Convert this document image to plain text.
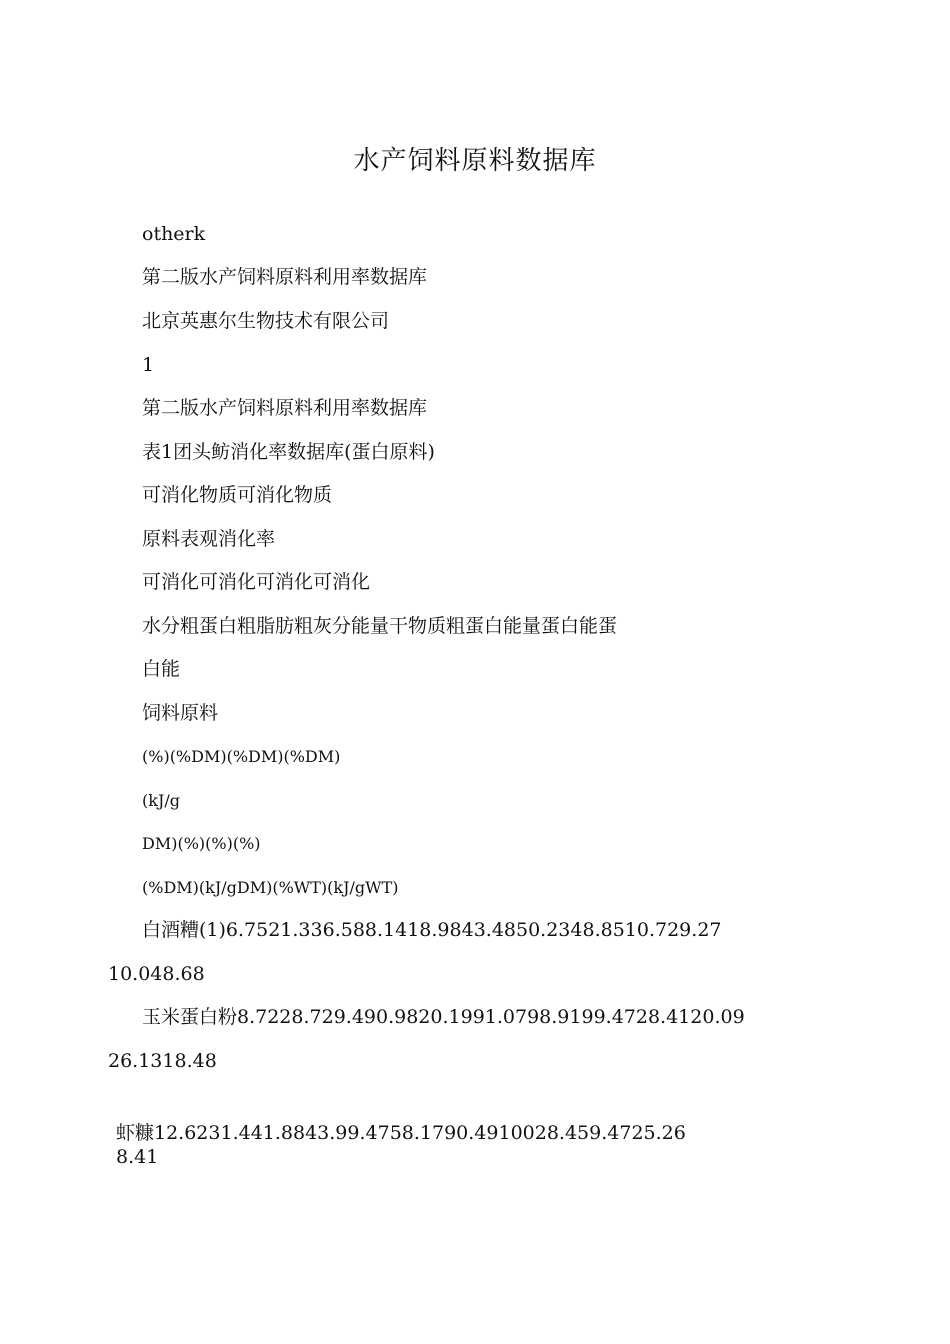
水产饲料原料数据库
otherk
第二版水产饲料原料利用率数据库
北京英惠尔生物技术有限公司
1
第二版水产饲料原料利用率数据库
表1团头鲂消化率数据库(蛋白原料)
可消化物质可消化物质
原料表观消化率
可消化可消化可消化可消化
水分粗蛋白粗脂肪粗灰分能量干物质粗蛋白能量蛋白能蛋
白能
饲料原料
(%)(%DM)(%DM)(%DM)
(kJ/g
DM)(%)(%)(%)
(%DM)(kJ/gDM)(%WT)(kJ/gWT)
白酒糟(1)6.7521.336.588.1418.9843.4850.2348.8510.729.27
10.048.68
玉米蛋白粉8.7228.729.490.9820.1991.0798.9199.4728.4120.09
26.1318.48
虾糠12.6231.441.8843.99.4758.1790.4910028.459.4725.26
8.41
